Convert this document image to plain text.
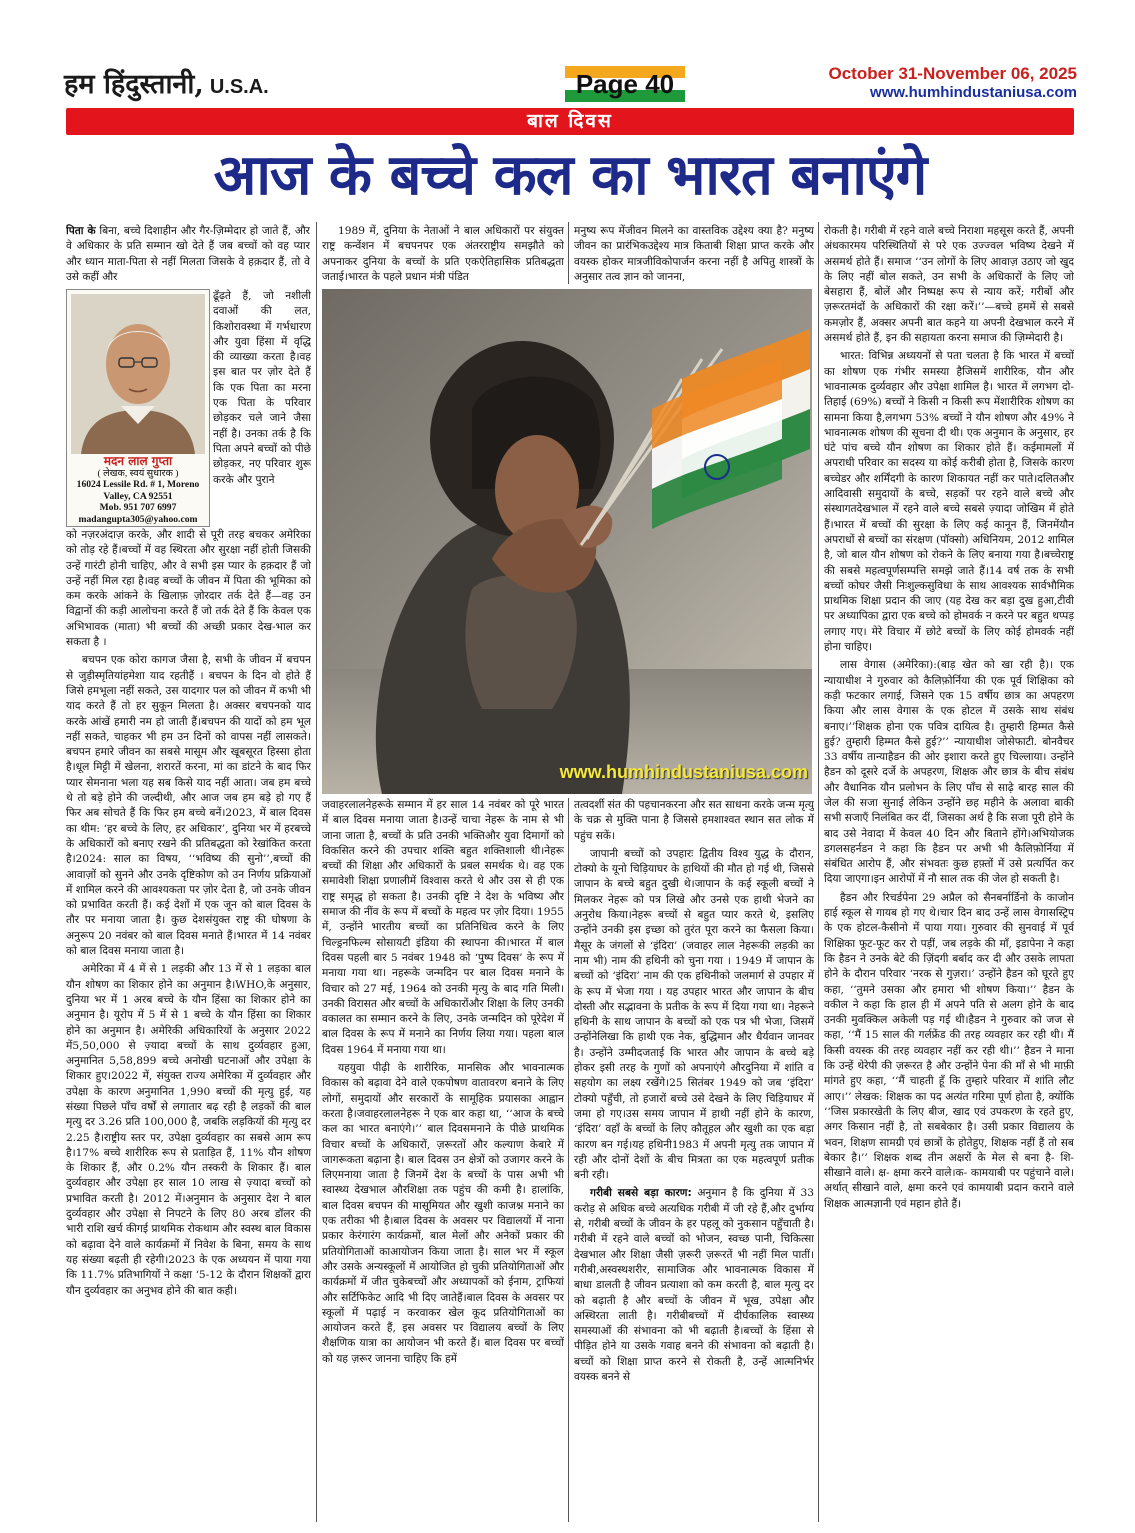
हम हिंदुस्तानी, U.S.A.	Page 40	October 31-November 06, 2025
www.humhindustaniusa.com
बाल दिवस
आज के बच्चे कल का भारत बनाएंगे

पिता के बिना, बच्चे दिशाहीन और गैर-ज़िम्मेदार हो जाते हैं, और वे अधिकार के प्रति सम्मान खो देते हैं जब बच्चों को वह प्यार और ध्यान माता-पिता से नहीं मिलता जिसके वे हक़दार हैं, तो वे उसे कहीं और

मदन लाल गुप्ता
( लेखक, स्वयं सुधारक )
16024 Lessile Rd. # 1, Moreno
Valley, CA 92551
Mob. 951 707 6997
madangupta305@yahoo.com

ढूँढ़ते हैं, जो नशीली दवाओं की लत, किशोरावस्था में गर्भधारण और युवा हिंसा में वृद्धि की व्याख्या करता है।वह इस बात पर ज़ोर देते हैं कि एक पिता का मरना एक पिता के परिवार छोड़कर चले जाने जैसा नहीं है। उनका तर्क है कि पिता अपने बच्चों को पीछे छोड़कर, नए परिवार शुरू करके और पुराने

को नज़रअंदाज़ करके, और शादी से पूरी तरह बचकर अमेरिका को तोड़ रहे हैं।बच्चों में वह स्थिरता और सुरक्षा नहीं होती जिसकी उन्हें गारंटी होनी चाहिए, और वे सभी इस प्यार के हक़दार हैं जो उन्हें नहीं मिल रहा है।वह बच्चों के जीवन में पिता की भूमिका को कम करके आंकने के खिलाफ़ ज़ोरदार तर्क देते हैं—वह उन विद्वानों की कड़ी आलोचना करते हैं जो तर्क देते हैं कि केवल एक अभिभावक (माता) भी बच्चों की अच्छी प्रकार देख-भाल कर सकता है ।

बचपन एक कोरा कागज जैसा है, सभी के जीवन में बचपन से जुड़ीस्मृतियांहमेशा याद रहतीहैं । बचपन के दिन वो होते हैं जिसे हमभूला नहीं सकते, उस यादगार पल को जीवन में कभी भी याद करते हैं तो हर सुकून मिलता है। अक्सर बचपनको याद करके आंखें हमारी नम हो जाती हैं।बचपन की यादों को हम भूल नहीं सकते, चाहकर भी हम उन दिनों को वापस नहीं लासकते। बचपन हमारे जीवन का सबसे मासूम और खूबसूरत हिस्सा होता है।धूल मिट्टी में खेलना, शरारतें करना, मां का डांटने के बाद फिर प्यार सेमनाना भला यह सब किसे याद नहीं आता। जब हम बच्चे थे तो बड़े होने की जल्दीथी, और आज जब हम बड़े हो गए हैं फिर अब सोचते हैं कि फिर हम बच्चे बनें।2023, में बाल दिवस का थीम: ‘हर बच्चे के लिए, हर अधिकार’, दुनिया भर में हरबच्चे के अधिकारों को बनाए रखने की प्रतिबद्धता को रेखांकित करता है।2024: साल का विषय, ‘‘भविष्य की सुनो’’,बच्चों की आवाज़ों को सुनने और उनके दृष्टिकोण को उन निर्णय प्रक्रियाओं में शामिल करने की आवश्यकता पर ज़ोर देता है, जो उनके जीवन को प्रभावित करती हैं। कई देशों में एक जून को बाल दिवस के तौर पर मनाया जाता है। कुछ देशसंयुक्त राष्ट्र की घोषणा के अनुरूप 20 नवंबर को बाल दिवस मनाते हैं।भारत में 14 नवंबर को बाल दिवस मनाया जाता है।

अमेरिका में 4 में से 1 लड़की और 13 में से 1 लड़का बाल यौन शोषण का शिकार होने का अनुमान है।WHO,के अनुसार, दुनिया भर में 1 अरब बच्चे के यौन हिंसा का शिकार होने का अनुमान है। यूरोप में 5 में से 1 बच्चे के यौन हिंसा का शिकार होने का अनुमान है। अमेरिकी अधिकारियों के अनुसार 2022 में5,50,000 से ज़्यादा बच्चों के साथ दुर्व्यवहार हुआ, अनुमानित 5,58,899 बच्चे अनोखी घटनाओं और उपेक्षा के शिकार हुए।2022 में, संयुक्त राज्य अमेरिका में दुर्व्यवहार और उपेक्षा के कारण अनुमानित 1,990 बच्चों की मृत्यु हुई, यह संख्या पिछले पाँच वर्षों से लगातार बढ़ रही है लड़कों की बाल मृत्यु दर 3.26 प्रति 100,000 है, जबकि लड़कियों की मृत्यु दर 2.25 है।राष्ट्रीय स्तर पर, उपेक्षा दुर्व्यवहार का सबसे आम रूप है।17% बच्चे शारीरिक रूप से प्रताड़ित हैं, 11% यौन शोषण के शिकार हैं, और 0.2% यौन तस्करी के शिकार हैं। बाल दुर्व्यवहार और उपेक्षा हर साल 10 लाख से ज़्यादा बच्चों को प्रभावित करती है। 2012 में।अनुमान के अनुसार देश ने बाल दुर्व्यवहार और उपेक्षा से निपटने के लिए 80 अरब डॉलर की भारी राशि खर्च कीगई प्राथमिक रोकथाम और स्वस्थ बाल विकास को बढ़ावा देने वाले कार्यक्रमों में निवेश के बिना, समय के साथ यह संख्या बढ़ती ही रहेगी।2023 के एक अध्ययन में पाया गया कि 11.7% प्रतिभागियों ने कक्षा ‘5-12 के दौरान शिक्षकों द्वारा यौन दुर्व्यवहार का अनुभव होने की बात कही।

1989 में, दुनिया के नेताओं ने बाल अधिकारों पर संयुक्त राष्ट्र कन्वेंशन में बचपनपर एक अंतरराष्ट्रीय समझौते को अपनाकर दुनिया के बच्चों के प्रति एकऐतिहासिक प्रतिबद्धता जताई।भारत के पहले प्रधान मंत्री पंडित

मनुष्य रूप मेंजीवन मिलने का वास्तविक उद्देश्य क्या है? मनुष्य जीवन का प्रारंभिकउद्देश्य मात्र किताबी शिक्षा प्राप्त करके और वयस्क होकर मात्रजीविकोपार्जन करना नहीं है अपितु शास्त्रों के अनुसार तत्व ज्ञान को जानना,

www.humhindustaniusa.com

जवाहरलालनेहरूके सम्मान में हर साल 14 नवंबर को पूरे भारत में बाल दिवस मनाया जाता है।उन्हें चाचा नेहरू के नाम से भी जाना जाता है, बच्चों के प्रति उनकी भक्तिऔर युवा दिमागों को विकसित करने की उपचार शक्ति बहुत शक्तिशाली थी।नेहरू बच्चों की शिक्षा और अधिकारों के प्रबल समर्थक थे। वह एक समावेशी शिक्षा प्रणालीमें विश्वास करते थे और उस से ही एक राष्ट्र समृद्ध हो सकता है। उनकी दृष्टि ने देश के भविष्य और समाज की नींव के रूप में बच्चों के महत्व पर ज़ोर दिया। 1955 में, उन्होंने भारतीय बच्चों का प्रतिनिधित्व करने के लिए चिल्ड्रनफिल्म सोसायटी इंडिया की स्थापना की।भारत में बाल दिवस पहली बार 5 नवंबर 1948 को ‘पुष्प दिवस’ के रूप में मनाया गया था। नहरूके जन्मदिन पर बाल दिवस मनाने के विचार को 27 मई, 1964 को उनकी मृत्यु के बाद गति मिली।उनकी विरासत और बच्चों के अधिकारोंऔर शिक्षा के लिए उनकी वकालत का सम्मान करने के लिए, उनके जन्मदिन को पूरेदेश में बाल दिवस के रूप में मनाने का निर्णय लिया गया। पहला बाल दिवस 1964 में मनाया गया था।

यहयुवा पीढ़ी के शारीरिक, मानसिक और भावनात्मक विकास को बढ़ावा देने वाले एकपोषण वातावरण बनाने के लिए लोगों, समुदायों और सरकारों के सामूहिक प्रयासका आह्वान करता है।जवाहरलालनेहरू ने एक बार कहा था, ‘‘आज के बच्चे कल का भारत बनाएंगे।’’ बाल दिवसमनाने के पीछे प्राथमिक विचार बच्चों के अधिकारों, ज़रूरतों और कल्याण केबारे में जागरूकता बढ़ाना है। बाल दिवस उन क्षेत्रों को उजागर करने के लिएमनाया जाता है जिनमें देश के बच्चों के पास अभी भी स्वास्थ्य देखभाल औरशिक्षा तक पहुंच की कमी है। हालांकि, बाल दिवस बचपन की मासूमियत और खुशी काजश्न मनाने का एक तरीका भी है।बाल दिवस के अवसर पर विद्यालयों में नाना प्रकार केरंगारंग कार्यक्रमों, बाल मेलों और अनेकों प्रकार की प्रतियोगिताओं काआयोजन किया जाता है। साल भर में स्कूल और उसके अन्यस्कूलों में आयोजित हो चुकी प्रतियोगिताओं और कार्यक्रमों में जीत चुकेबच्चों और अध्यापकों को ईनाम, ट्राफियां और सर्टिफिकेट आदि भी दिए जातेहैं।बाल दिवस के अवसर पर स्कूलों में पढ़ाई न करवाकर खेल कूद प्रतियोगिताओं का आयोजन करते हैं, इस अवसर पर विद्यालय बच्चों के लिए शैक्षणिक यात्रा का आयोजन भी करते हैं। बाल दिवस पर बच्चों को यह ज़रूर जानना चाहिए कि हमें

तत्वदर्शी संत की पहचानकरना और सत साधना करके जन्म मृत्यु के चक्र से मुक्ति पाना है जिससे हमशाश्वत स्थान सत लोक में पहुंच सकें।

जापानी बच्चों को उपहारः द्वितीय विश्व युद्ध के दौरान, टोक्यो के यूनो चिड़ियाघर के हाथियों की मौत हो गई थी, जिससे जापान के बच्चे बहुत दुखी थे।जापान के कई स्कूली बच्चों ने मिलकर नेहरू को पत्र लिखे और उनसे एक हाथी भेजने का अनुरोध किया।नेहरू बच्चों से बहुत प्यार करते थे, इसलिए उन्होंने उनकी इस इच्छा को तुरंत पूरा करने का फैसला किया।मैसूर के जंगलों से ‘इंदिरा’ (जवाहर लाल नेहरूकी लड़की का नाम भी) नाम की हथिनी को चुना गया । 1949 में जापान के बच्चों को ‘इंदिरा’ नाम की एक हथिनीको जलमार्ग से उपहार में के रूप में भेजा गया । यह उपहार भारत और जापान के बीच दोस्ती और सद्भावना के प्रतीक के रूप में दिया गया था। नेहरूने हथिनी के साथ जापान के बच्चों को एक पत्र भी भेजा, जिसमें उन्होंनेलिखा कि हाथी एक नेक, बुद्धिमान और धैर्यवान जानवर है। उन्होंने उम्मीदजताई कि भारत और जापान के बच्चे बड़े होकर इसी तरह के गुणों को अपनाएंगे औरदुनिया में शांति व सहयोग का लक्ष्य रखेंगे।25 सितंबर 1949 को जब ‘इंदिरा’ टोक्यो पहुँची, तो हजारों बच्चे उसे देखने के लिए चिड़ियाघर में जमा हो गए।उस समय जापान में हाथी नहीं होने के कारण, ‘इंदिरा’ वहाँ के बच्चों के लिए कौतूहल और खुशी का एक बड़ा कारण बन गई।यह हथिनी1983 में अपनी मृत्यु तक जापान में रही और दोनों देशों के बीच मित्रता का एक महत्वपूर्ण प्रतीक बनी रही।

गरीबी सबसे बड़ा कारण: अनुमान है कि दुनिया में 33 करोड़ से अधिक बच्चे अत्यधिक गरीबी में जी रहे हैं,और दुर्भाग्य से, गरीबी बच्चों के जीवन के हर पहलू को नुकसान पहुँचाती है।गरीबी में रहने वाले बच्चों को भोजन, स्वच्छ पानी, चिकित्सा देखभाल और शिक्षा जैसी ज़रूरी ज़रूरतें भी नहीं मिल पातीं। गरीबी,अस्वस्थशरीर, सामाजिक और भावनात्मक विकास में बाधा डालती है जीवन प्रत्याशा को कम करती है, बाल मृत्यु दर को बढ़ाती है और बच्चों के जीवन में भूख, उपेक्षा और अस्थिरता लाती है। गरीबीबच्चों में दीर्घकालिक स्वास्थ्य समस्याओं की संभावना को भी बढ़ाती है।बच्चों के हिंसा से पीड़ित होने या उसके गवाह बनने की संभावना को बढ़ाती है।बच्चों को शिक्षा प्राप्त करने से रोकती है, उन्हें आत्मनिर्भर वयस्क बनने से

रोकती है। गरीबी में रहने वाले बच्चे निराशा महसूस करते हैं, अपनी अंधकारमय परिस्थितियों से परे एक उज्ज्वल भविष्य देखने में असमर्थ होते हैं। समाज ‘‘उन लोगों के लिए आवाज़ उठाए जो खुद के लिए नहीं बोल सकते, उन सभी के अधिकारों के लिए जो बेसहारा हैं, बोलें और निष्पक्ष रूप से न्याय करें; गरीबों और ज़रूरतमंदों के अधिकारों की रक्षा करें।’’—बच्चे हममें से सबसे कमज़ोर हैं, अक्सर अपनी बात कहने या अपनी देखभाल करने में असमर्थ होते हैं, इन की सहायता करना समाज की ज़िम्मेदारी है।

भारत: विभिन्न अध्ययनों से पता चलता है कि भारत में बच्चों का शोषण एक गंभीर समस्या हैजिसमें शारीरिक, यौन और भावनात्मक दुर्व्यवहार और उपेक्षा शामिल है। भारत में लगभग दो-तिहाई (69%) बच्चों ने किसी न किसी रूप मेंशारीरिक शोषण का सामना किया है,लगभग 53% बच्चों ने यौन शोषण और 49% ने भावनात्मक शोषण की सूचना दी थी। एक अनुमान के अनुसार, हर घंटे पांच बच्चे यौन शोषण का शिकार होते हैं। कईमामलों में अपराधी परिवार का सदस्य या कोई करीबी होता है, जिसके कारण बच्चेडर और शर्मिंदगी के कारण शिकायत नहीं कर पाते।दलितऔर आदिवासी समुदायों के बच्चे, सड़कों पर रहने वाले बच्चे और संस्थागतदेखभाल में रहने वाले बच्चे सबसे ज़्यादा जोखिम में होते हैं।भारत में बच्चों की सुरक्षा के लिए कई कानून हैं, जिनमेंयौन अपराधों से बच्चों का संरक्षण (पॉक्सो) अधिनियम, 2012 शामिल है, जो बाल यौन शोषण को रोकने के लिए बनाया गया है।बच्चेराष्ट्र की सबसे महत्वपूर्णसम्पत्ति समझे जाते हैं।14 वर्ष तक के सभी बच्चों कोघर जैसी निःशुल्कसुविधा के साथ आवश्यक सार्वभौमिक प्राथमिक शिक्षा प्रदान की जाए (यह देख कर बड़ा दुख हुआ,टीवी पर अध्यापिका द्वारा एक बच्चे को होमवर्क न करने पर बहुत थप्पड़ लगाए गए। मेरे विचार में छोटे बच्चों के लिए कोई होमवर्क नहीं होना चाहिए।

लास वेगास (अमेरिका):(बाड़ खेत को खा रही है)। एक न्यायाधीश ने गुरुवार को कैलिफ़ोर्निया की एक पूर्व शिक्षिका को कड़ी फटकार लगाई, जिसने एक 15 वर्षीय छात्र का अपहरण किया और लास वेगास के एक होटल में उसके साथ संबंध बनाए।’’शिक्षक होना एक पवित्र दायित्व है। तुम्हारी हिम्मत कैसे हुई? तुम्हारी हिम्मत कैसे हुई?’’ न्यायाधीश जोसेफाटी. बोनवैचर 33 वर्षीय तान्याहैडन की ओर इशारा करते हुए चिल्लाया। उन्होंने हैडन को दूसरे दर्जे के अपहरण, शिक्षक और छात्र के बीच संबंध और वैधानिक यौन प्रलोभन के लिए पाँच से साढ़े बारह साल की जेल की सजा सुनाई लेकिन उन्होंने छह महीने के अलावा बाकी सभी सजाएँ निलंबित कर दीं, जिसका अर्थ है कि सजा पूरी होने के बाद उसे नेवादा में केवल 40 दिन और बिताने होंगे।अभियोजक डगलसहर्नडन ने कहा कि हैडन पर अभी भी कैलिफ़ोर्निया में संबंधित आरोप हैं, और संभवतः कुछ हफ़्तों में उसे प्रत्यर्पित कर दिया जाएगा।इन आरोपों में नौ साल तक की जेल हो सकती है।

हैडन और रिचर्डपेना 29 अप्रैल को सैनबर्नार्डिनो के काजोन हाई स्कूल से गायब हो गए थे।चार दिन बाद उन्हें लास वेगासस्ट्रिप के एक होटल-कैसीनो में पाया गया। गुरुवार की सुनवाई में पूर्व शिक्षिका फूट-फूट कर रो पड़ीं, जब लड़के की माँ, इडापेना ने कहा कि हैडन ने उनके बेटे की ज़िंदगी बर्बाद कर दी और उसके लापता होने के दौरान परिवार ‘नरक से गुज़रा।’ उन्होंने हैडन को घूरते हुए कहा, ‘‘तुमने उसका और हमारा भी शोषण किया।’’ हैडन के वकील ने कहा कि हाल ही में अपने पति से अलग होने के बाद उनकी मुवक्किल अकेली पड़ गई थी।हैडन ने गुरुवार को जज से कहा, ‘‘मैं 15 साल की गर्लफ्रेंड की तरह व्यवहार कर रही थी। मैं किसी वयस्क की तरह व्यवहार नहीं कर रही थी।’’ हैडन ने माना कि उन्हें थेरेपी की ज़रूरत है और उन्होंने पेना की माँ से भी माफ़ी मांगते हुए कहा, ‘‘मैं चाहती हूँ कि तुम्हारे परिवार में शांति लौट आए।’’ लेखक: शिक्षक का पद अत्यंत गरिमा पूर्ण होता है, क्योंकि ‘‘जिस प्रकारखेती के लिए बीज, खाद एवं उपकरण के रहते हुए, अगर किसान नहीं है, तो सबबेकार है। उसी प्रकार विद्यालय के भवन, शिक्षण सामग्री एवं छात्रों के होतेहुए, शिक्षक नहीं हैं तो सब बेकार है।’’ शिक्षक शब्द तीन अक्षरों के मेल से बना है- शि- सीखाने वाले। क्ष- क्षमा करने वाले।क- कामयाबी पर पहुंचाने वाले। अर्थात् सीखाने वाले, क्षमा करने एवं कामयाबी प्रदान कराने वाले शिक्षक आत्मज्ञानी एवं महान होते हैं।
